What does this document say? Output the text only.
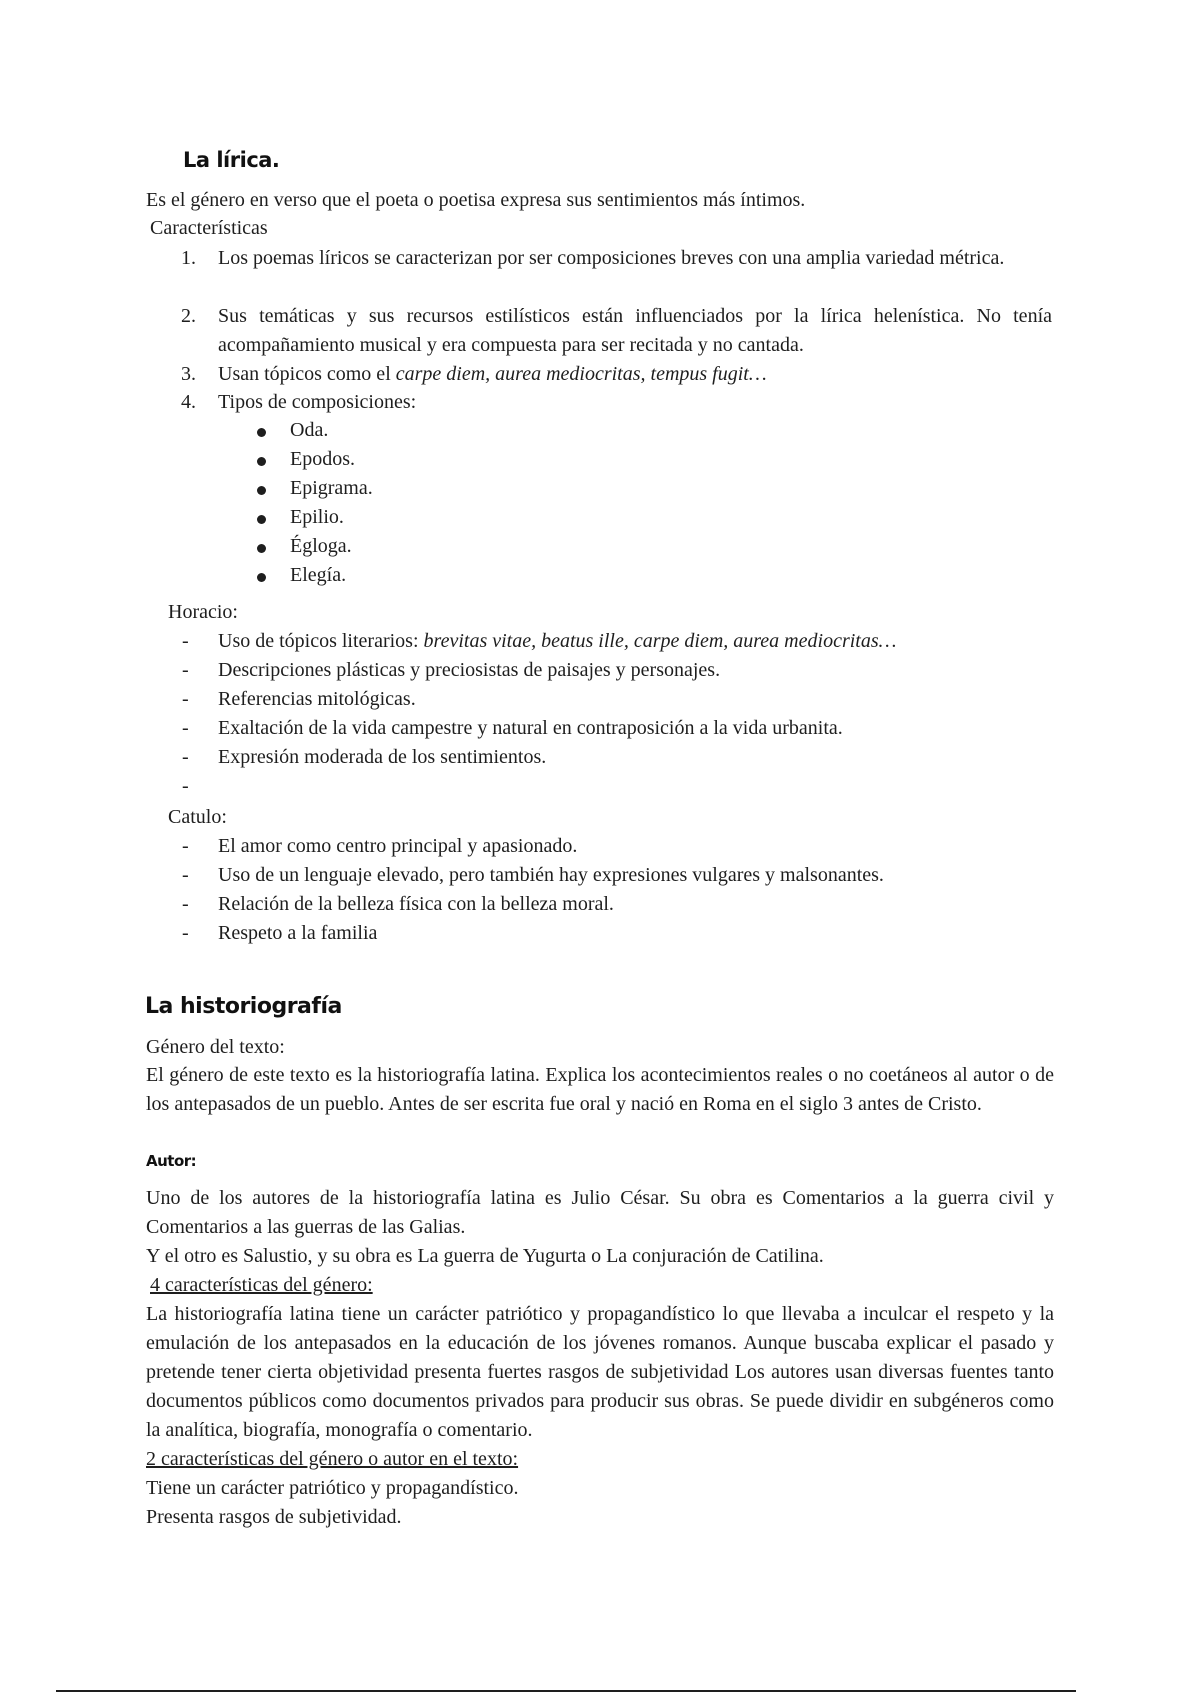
La lírica.
Es el género en verso que el poeta o poetisa expresa sus sentimientos más íntimos.
Características
1. Los poemas líricos se caracterizan por ser composiciones breves con una amplia variedad métrica.
2. Sus temáticas y sus recursos estilísticos están influenciados por la lírica helenística. No tenía acompañamiento musical y era compuesta para ser recitada y no cantada.
3. Usan tópicos como el carpe diem, aurea mediocritas, tempus fugit…
4. Tipos de composiciones:
Oda.
Epodos.
Epigrama.
Epilio.
Égloga.
Elegía.
Horacio:
- Uso de tópicos literarios: brevitas vitae, beatus ille, carpe diem, aurea mediocritas…
- Descripciones plásticas y preciosistas de paisajes y personajes.
- Referencias mitológicas.
- Exaltación de la vida campestre y natural en contraposición a la vida urbanita.
- Expresión moderada de los sentimientos.
-
Catulo:
- El amor como centro principal y apasionado.
- Uso de un lenguaje elevado, pero también hay expresiones vulgares y malsonantes.
- Relación de la belleza física con la belleza moral.
- Respeto a la familia
La historiografía
Género del texto:
El género de este texto es la historiografía latina. Explica los acontecimientos reales o no coetáneos al autor o de los antepasados de un pueblo. Antes de ser escrita fue oral y nació en Roma en el siglo 3 antes de Cristo.
Autor:
Uno de los autores de la historiografía latina es Julio César. Su obra es Comentarios a la guerra civil y Comentarios a las guerras de las Galias.
Y el otro es Salustio, y su obra es La guerra de Yugurta o La conjuración de Catilina.
4 características del género:
La historiografía latina tiene un carácter patriótico y propagandístico lo que llevaba a inculcar el respeto y la emulación de los antepasados en la educación de los jóvenes romanos. Aunque buscaba explicar el pasado y pretende tener cierta objetividad presenta fuertes rasgos de subjetividad Los autores usan diversas fuentes tanto documentos públicos como documentos privados para producir sus obras. Se puede dividir en subgéneros como la analítica, biografía, monografía o comentario.
2 características del género o autor en el texto:
Tiene un carácter patriótico y propagandístico.
Presenta rasgos de subjetividad.
